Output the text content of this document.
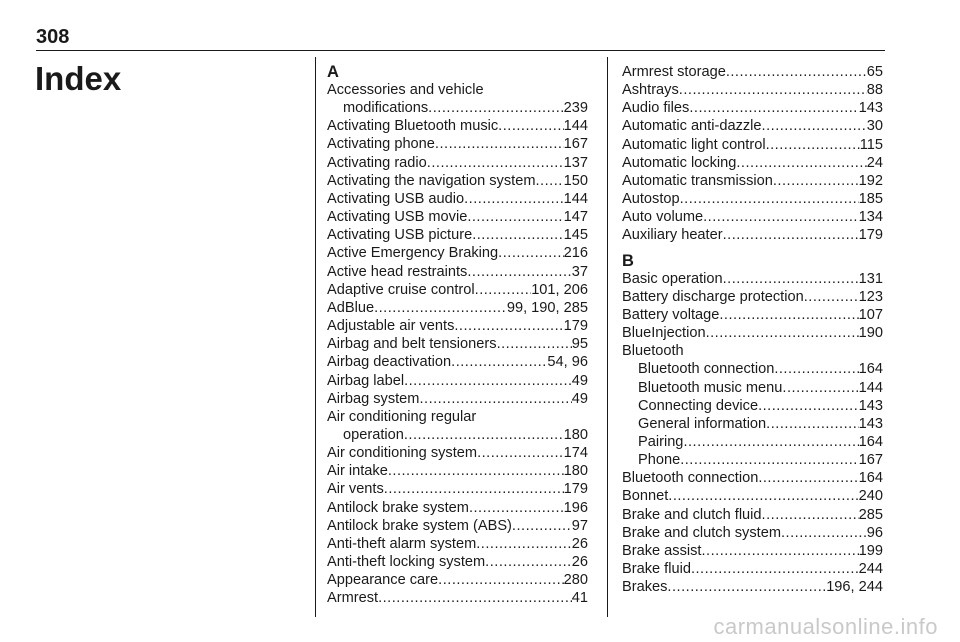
308
Index	A
Accessories and vehicle
modifications .....	239
Activating Bluetooth music .....	144
Activating phone .....	167
Activating radio .....	137
Activating the navigation system ..... 150
Activating USB audio .....	144
Activating USB movie .....	147
Activating USB picture .....	145
Active Emergency Braking .....	216
Active head restraints .....	37
Adaptive cruise control .....	101, 206
AdBlue .....	99, 190, 285
Adjustable air vents .....	179
Airbag and belt tensioners .....	95
Airbag deactivation .....	54, 96
Airbag label .....	49
Airbag system .....	49
Air conditioning regular
operation .....	180
Air conditioning system .....	174
Air intake .....	180
Air vents .....	179
Antilock brake system .....	196
Antilock brake system (ABS) .....	97
Anti-theft alarm system .....	26
Anti-theft locking system .....	26
Appearance care .....	280
Armrest .....	41
Armrest storage .....	65
Ashtrays .....	88
Audio files .....	143
Automatic anti-dazzle .....	30
Automatic light control .....	115
Automatic locking .....	24
Automatic transmission .....	192
Autostop .....	185
Auto volume .....	134
Auxiliary heater .....	179
B
Basic operation .....	131
Battery discharge protection .....	123
Battery voltage .....	107
BlueInjection .....	190
Bluetooth
Bluetooth connection .....	164
Bluetooth music menu .....	144
Connecting device .....	143
General information .....	143
Pairing .....	164
Phone .....	167
Bluetooth connection .....	164
Bonnet .....	240
Brake and clutch fluid .....	285
Brake and clutch system .....	96
Brake assist .....	199
Brake fluid .....	244
Brakes .....	196, 244
carmanualsonline.info
